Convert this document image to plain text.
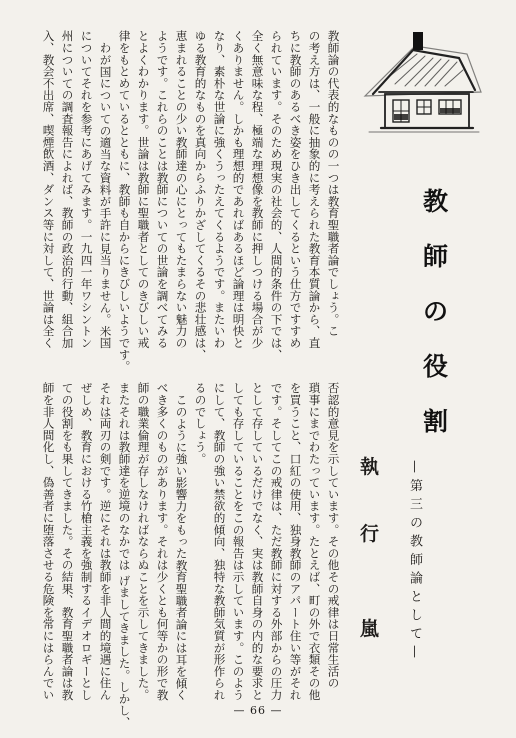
教
師
の
役
割
—第三の教師論として—
執
行
嵐
教師論の代表的なものの一つは教育聖職者論でしょう。こ
の考え方は、一般に抽象的に考えられた教育本質論から、直
ちに教師のあるべき姿をひき出してくるという仕方ですすめ
られています。そのため現実の社会的、人間的条件の下では、
全く無意味な程、極端な理想像を教師に押しつける場合が少
くありません。しかも理想的であればあるほど論理は明快と
なり、素朴な世論に強くうったえてくるようです。またいわ
ゆる教育的なものを真向からふりかざしてくるその悲壮感は、
恵まれることの少い教師達の心にとってもたまらない魅力の
ようです。これらのことは教師についての世論を調べてみる
とよくわかります。世論は教師に聖職者としてのきびしい戒
律をもとめているとともに、教師も自からにきびしいようです。
わが国についての適当な資料が手許に見当りません。米国
についてそれを参考にあげてみます。一九四一年ワシントン
州についての調査報告によれば、教師の政治的行動、組合加
入、教会不出席、喫煙飲酒、ダンス等に対して、世論は全く
否認的意見を示しています。その他その戒律は日常生活の
瑣事にまでわたっています。たとえば、町の外で衣類その他
を買うこと、口紅の使用、独身教師のアパート住い等がそれ
です。そしてこの戒律は、ただ教師に対する外部からの圧力
として存しているだけでなく、実は教師自身の内的な要求と
しても存していることをこの報告は示しています。このよう
にして、教師の強い禁欲的傾向、独特な教師気質が形作られ
るのでしょう。
このように強い影響力をもった教育聖職者論には耳を傾く
べき多くのものがあります。それは少くとも何等かの形で教
師の職業倫理が存しなければならぬことを示してきました。
またそれは教師達を逆境のなかでは げましてきました。しかし、
それは両刃の剣です。逆にそれは教師を非人間的境遇に住ん
ぜしめ、教育における竹槍主義を強制するイデオロギーとし
ての役割をも果してきました。その結果、教育聖職者論は教
師を非人間化し、偽善者に堕落させる危険を常にはらんでい
— 66 —
